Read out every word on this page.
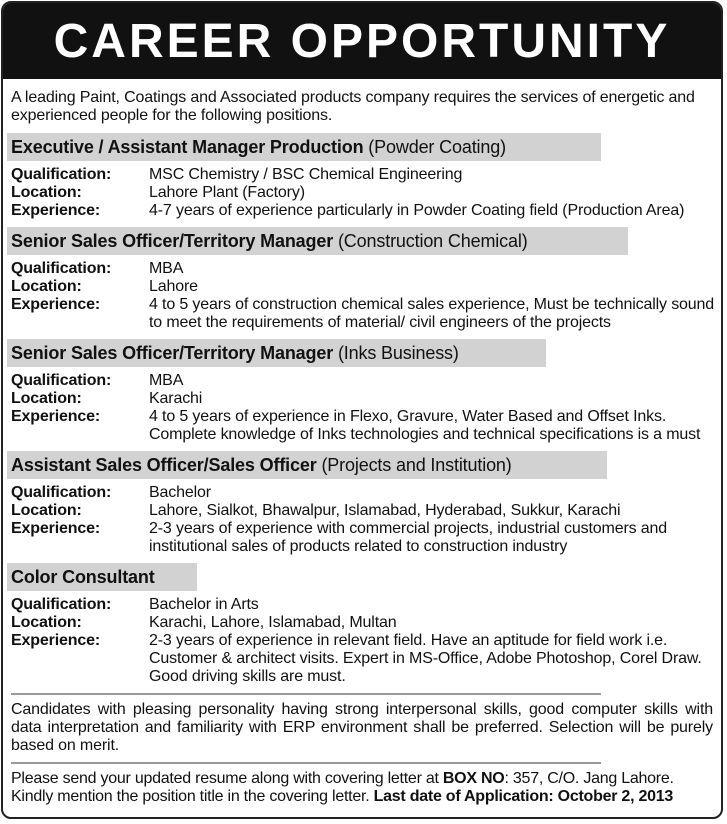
CAREER OPPORTUNITY

A leading Paint, Coatings and Associated products company requires the services of energetic and experienced people for the following positions.

Executive / Assistant Manager Production (Powder Coating)
Qualification:	MSC Chemistry / BSC Chemical Engineering
Location:	Lahore Plant (Factory)
Experience:	4-7 years of experience particularly in Powder Coating field (Production Area)
Senior Sales Officer/Territory Manager (Construction Chemical)
Qualification:	MBA
Location:	Lahore
Experience:	4 to 5 years of construction chemical sales experience, Must be technically sound to meet the requirements of material/ civil engineers of the projects
Senior Sales Officer/Territory Manager (Inks Business)
Qualification:	MBA
Location:	Karachi
Experience:	4 to 5 years of experience in Flexo, Gravure, Water Based and Offset Inks. Complete knowledge of Inks technologies and technical specifications is a must
Assistant Sales Officer/Sales Officer (Projects and Institution)
Qualification:	Bachelor
Location:	Lahore, Sialkot, Bhawalpur, Islamabad, Hyderabad, Sukkur, Karachi
Experience:	2-3 years of experience with commercial projects, industrial customers and institutional sales of products related to construction industry
Color Consultant
Qualification:	Bachelor in Arts
Location:	Karachi, Lahore, Islamabad, Multan
Experience:	2-3 years of experience in relevant field. Have an aptitude for field work i.e. Customer & architect visits. Expert in MS-Office, Adobe Photoshop, Corel Draw. Good driving skills are must.

Candidates with pleasing personality having strong interpersonal skills, good computer skills with data interpretation and familiarity with ERP environment shall be preferred. Selection will be purely based on merit.

Please send your updated resume along with covering letter at BOX NO: 357, C/O. Jang Lahore.
Kindly mention the position title in the covering letter. Last date of Application: October 2, 2013
